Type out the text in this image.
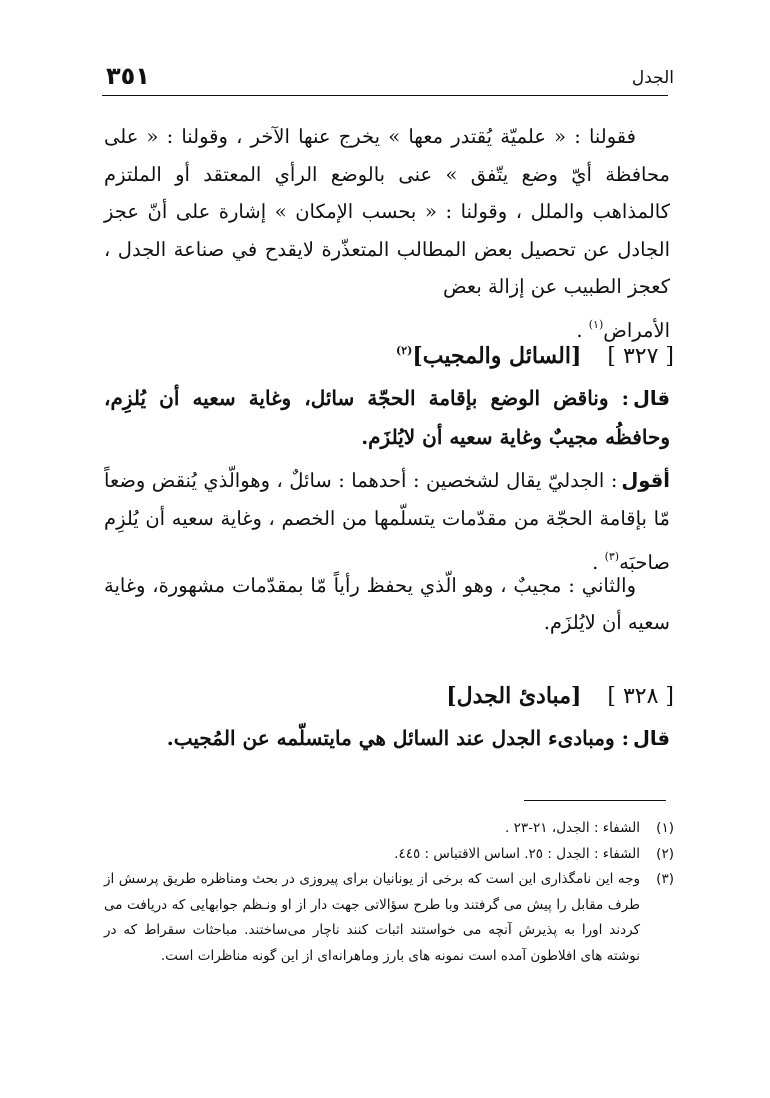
الجدل
٣٥١
فقولنا : « علميّة يُقتدر معها » يخرج عنها الآخر ، وقولنا : « على محافظة أيّ وضع يتّفق » عنى بالوضع الرأي المعتقد أو الملتزم كالمذاهب والملل ، وقولنا : « بحسب الإمكان » إشارة على أنّ عجز الجادل عن تحصيل بعض المطالب المتعذّرة لايقدح في صناعة الجدل ، كعجز الطبيب عن إزالة بعض
الأمراض$^{(١)}$ .
[ ٣٢٧ ][السائل والمجيب]$^{(٢)}$
قال: وناقض الوضع بإقامة الحجّة سائل، وغاية سعيه أن يُلزِم، وحافظُه مجيبٌ وغاية سعيه أن لايُلزَم.
أقول: الجدليّ يقال لشخصين : أحدهما : سائلٌ ، وهوالّذي يُنقض وضعاً مّا بإقامة الحجّة من مقدّمات يتسلّمها من الخصم ، وغاية سعيه أن يُلزِم صاحبَه$^{(٣)}$ .
والثاني : مجيبٌ ، وهو الّذي يحفظ رأياً مّا بمقدّمات مشهورة، وغاية سعيه أن لايُلزَم.
[ ٣٢٨ ][مبادئ الجدل]
قال: ومبادىء الجدل عند السائل هي مايتسلّمه عن المُجيب.
(١)
الشفاء : الجدل، ٢١-٢٣ .
(٢)
الشفاء : الجدل : ٢٥. اساس الاقتباس : ٤٤٥.
(٣)
وجه این نامگذاری این است که برخی از یونانیان برای پیروزی در بحث ومناظره طریق پرسش از طرف مقابل را پیش می گرفتند وبا طرح سؤالاتی جهت دار از او ونـظم جوابهایی که دریافت می کردند اورا به پذیرش آنچه می خواستند اثبات کنند ناچار می‌ساختند. مباحثات سقراط که در نوشته های افلاطون آمده است نمونه های بارز وماهرانه‌ای از این گونه مناظرات است.
